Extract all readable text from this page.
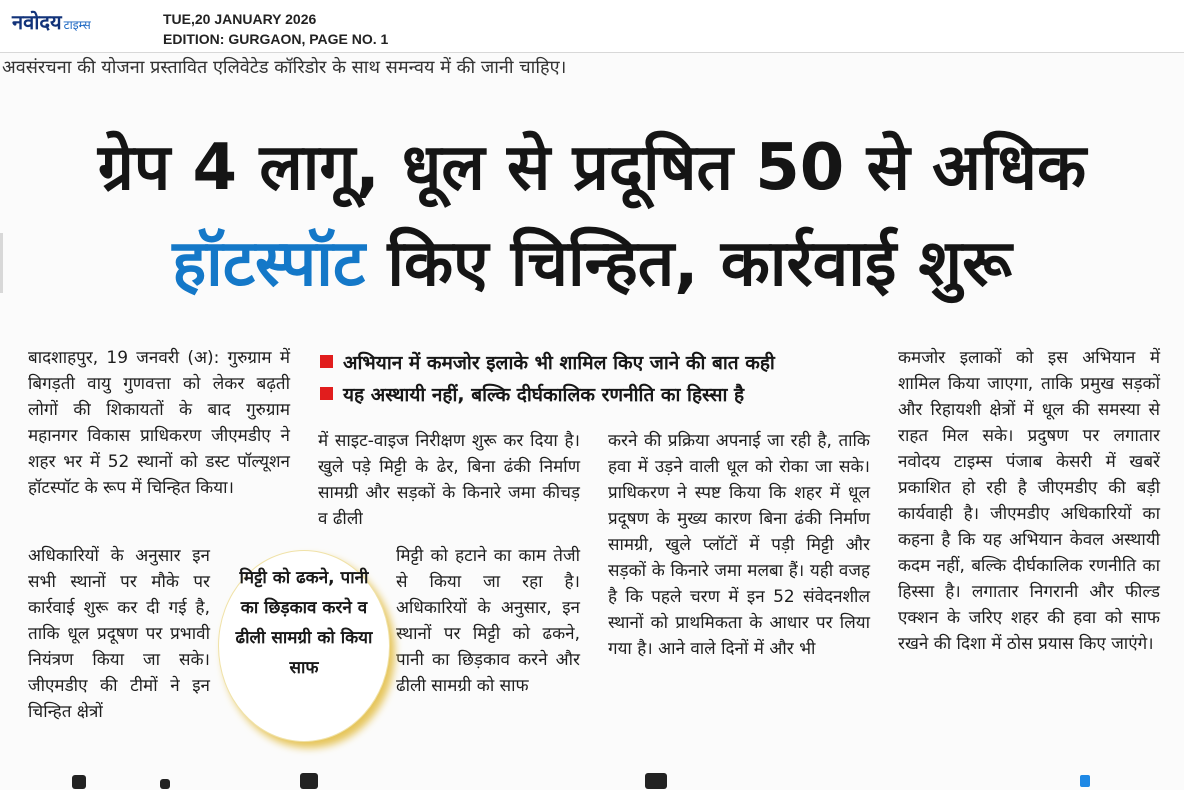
नवोदय टाइम्स	TUE,20 JANUARY 2026
EDITION: GURGAON, PAGE NO. 1
अवसंरचना की योजना प्रस्तावित एलिवेटेड कॉरिडोर के साथ समन्वय में की जानी चाहिए।
ग्रेप 4 लागू, धूल से प्रदूषित 50 से अधिक
हॉटस्पॉट किए चिन्हित, कार्रवाई शुरू
अभियान में कमजोर इलाके भी शामिल किए जाने की बात कही
यह अस्थायी नहीं, बल्कि दीर्घकालिक रणनीति का हिस्सा है

बादशाहपुर, 19 जनवरी (अ): गुरुग्राम में बिगड़ती वायु गुणवत्ता को लेकर बढ़ती लोगों की शिकायतों के बाद गुरुग्राम महानगर विकास प्राधिकरण जीएमडीए ने शहर भर में 52 स्थानों को डस्ट पॉल्यूशन हॉटस्पॉट के रूप में चिन्हित किया।

अधिकारियों के अनुसार इन सभी स्थानों पर मौके पर कार्रवाई शुरू कर दी गई है, ताकि धूल प्रदूषण पर प्रभावी नियंत्रण किया जा सके। जीएमडीए की टीमों ने इन चिन्हित क्षेत्रों

में साइट-वाइज निरीक्षण शुरू कर दिया है। खुले पड़े मिट्टी के ढेर, बिना ढंकी निर्माण सामग्री और सड़कों के किनारे जमा कीचड़ व ढीली

मिट्टी को हटाने का काम तेजी से किया जा रहा है। अधिकारियों के अनुसार, इन स्थानों पर मिट्टी को ढकने, पानी का छिड़काव करने और ढीली सामग्री को साफ

करने की प्रक्रिया अपनाई जा रही है, ताकि हवा में उड़ने वाली धूल को रोका जा सके। प्राधिकरण ने स्पष्ट किया कि शहर में धूल प्रदूषण के मुख्य कारण बिना ढंकी निर्माण सामग्री, खुले प्लॉटों में पड़ी मिट्टी और सड़कों के किनारे जमा मलबा हैं। यही वजह है कि पहले चरण में इन 52 संवेदनशील स्थानों को प्राथमिकता के आधार पर लिया गया है। आने वाले दिनों में और भी

कमजोर इलाकों को इस अभियान में शामिल किया जाएगा, ताकि प्रमुख सड़कों और रिहायशी क्षेत्रों में धूल की समस्या से राहत मिल सके। प्रदुषण पर लगातार नवोदय टाइम्स पंजाब केसरी में खबरें प्रकाशित हो रही है जीएमडीए की बड़ी कार्यवाही है। जीएमडीए अधिकारियों का कहना है कि यह अभियान केवल अस्थायी कदम नहीं, बल्कि दीर्घकालिक रणनीति का हिस्सा है। लगातार निगरानी और फील्ड एक्शन के जरिए शहर की हवा को साफ रखने की दिशा में ठोस प्रयास किए जाएंगे।

मिट्टी को ढकने, पानी का छिड़काव करने व ढीली सामग्री को किया साफ
